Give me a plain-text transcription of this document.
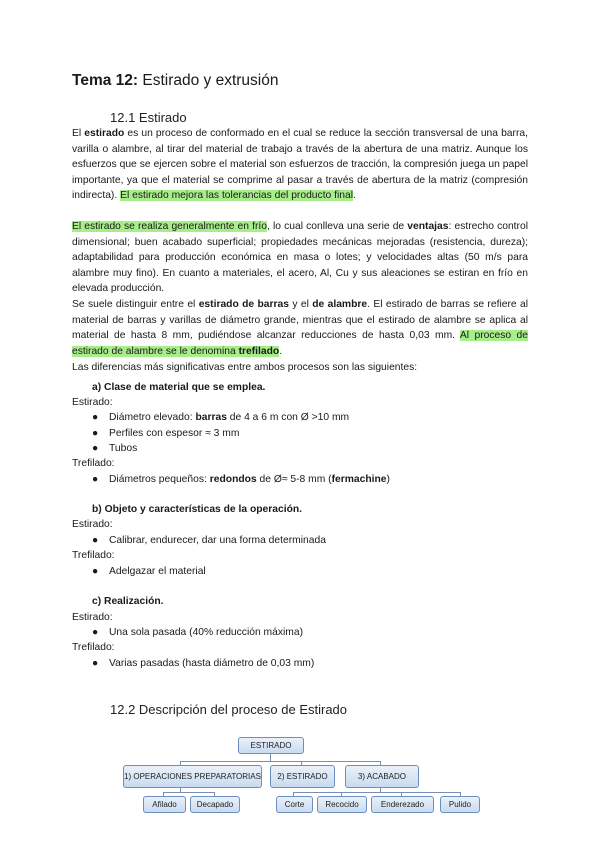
Tema 12: Estirado y extrusión
12.1 Estirado
El estirado es un proceso de conformado en el cual se reduce la sección transversal de una barra, varilla o alambre, al tirar del material de trabajo a través de la abertura de una matriz. Aunque los esfuerzos que se ejercen sobre el material son esfuerzos de tracción, la compresión juega un papel importante, ya que el material se comprime al pasar a través de abertura de la matriz (compresión indirecta). El estirado mejora las tolerancias del producto final.
El estirado se realiza generalmente en frío, lo cual conlleva una serie de ventajas: estrecho control dimensional; buen acabado superficial; propiedades mecánicas mejoradas (resistencia, dureza); adaptabilidad para producción económica en masa o lotes; y velocidades altas (50 m/s para alambre muy fino). En cuanto a materiales, el acero, Al, Cu y sus aleaciones se estiran en frío en elevada producción.
Se suele distinguir entre el estirado de barras y el de alambre. El estirado de barras se refiere al material de barras y varillas de diámetro grande, mientras que el estirado de alambre se aplica al material de hasta 8 mm, pudiéndose alcanzar reducciones de hasta 0,03 mm. Al proceso de estirado de alambre se le denomina trefilado.
Las diferencias más significativas entre ambos procesos son las siguientes:
a) Clase de material que se emplea.
Estirado:
● Diámetro elevado: barras de 4 a 6 m con Ø >10 mm
● Perfiles con espesor ≈ 3 mm
● Tubos
Trefilado:
● Diámetros pequeños: redondos de Ø≈ 5-8 mm (fermachine)
b) Objeto y características de la operación.
Estirado:
● Calibrar, endurecer, dar una forma determinada
Trefilado:
● Adelgazar el material
c) Realización.
Estirado:
● Una sola pasada (40% reducción máxima)
Trefilado:
● Varias pasadas (hasta diámetro de 0,03 mm)
12.2 Descripción del proceso de Estirado
ESTIRADO
1) OPERACIONES PREPARATORIAS	2) ESTIRADO	3) ACABADO
Afilado	Decapado	Corte	Recocido	Enderezado	Pulido
